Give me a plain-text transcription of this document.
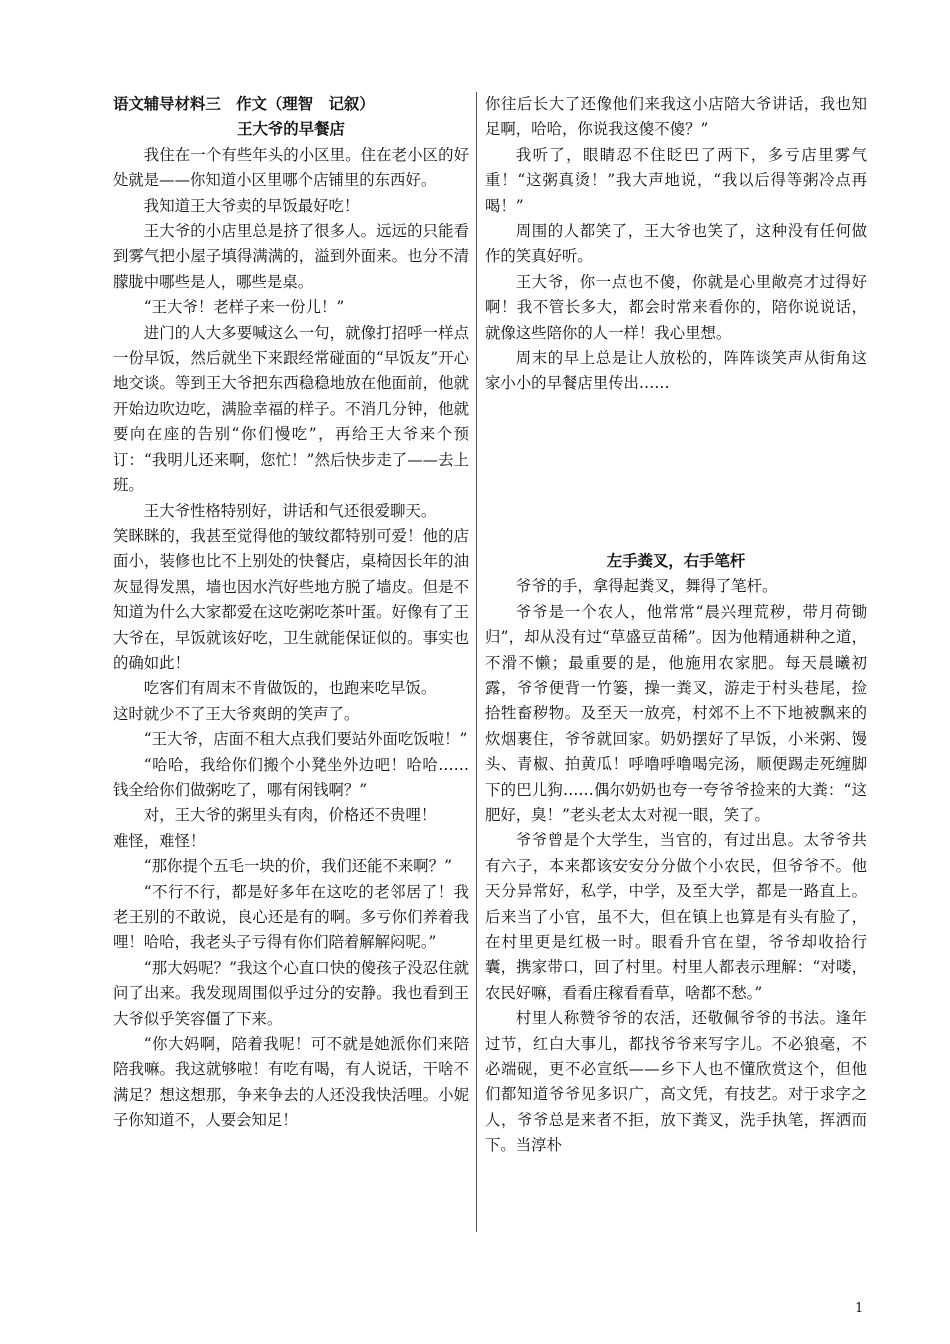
语文辅导材料三　作文（理智　记叙）
王大爷的早餐店

我住在一个有些年头的小区里。住在老小区的好处就是——你知道小区里哪个店铺里的东西好。

我知道王大爷卖的早饭最好吃！

王大爷的小店里总是挤了很多人。远远的只能看到雾气把小屋子填得满满的，溢到外面来。也分不清朦胧中哪些是人，哪些是桌。

“王大爷！老样子来一份儿！”

进门的人大多要喊这么一句，就像打招呼一样点一份早饭，然后就坐下来跟经常碰面的“早饭友”开心地交谈。等到王大爷把东西稳稳地放在他面前，他就开始边吹边吃，满脸幸福的样子。不消几分钟，他就要向在座的告别“你们慢吃”，再给王大爷来个预订：“我明儿还来啊，您忙！”然后快步走了——去上班。

王大爷性格特别好，讲话和气还很爱聊天。

笑眯眯的，我甚至觉得他的皱纹都特别可爱！他的店面小，装修也比不上别处的快餐店，桌椅因长年的油灰显得发黑，墙也因水汽好些地方脱了墙皮。但是不知道为什么大家都爱在这吃粥吃茶叶蛋。好像有了王大爷在，早饭就该好吃，卫生就能保证似的。事实也的确如此！

吃客们有周末不肯做饭的，也跑来吃早饭。

这时就少不了王大爷爽朗的笑声了。

“王大爷，店面不租大点我们要站外面吃饭啦！”

“哈哈，我给你们搬个小凳坐外边吧！哈哈……钱全给你们做粥吃了，哪有闲钱啊？”

对，王大爷的粥里头有肉，价格还不贵哩！

难怪，难怪！

“那你提个五毛一块的价，我们还能不来啊？”

“不行不行，都是好多年在这吃的老邻居了！我老王别的不敢说，良心还是有的啊。多亏你们养着我哩！哈哈，我老头子亏得有你们陪着解解闷呢。”

“那大妈呢？”我这个心直口快的傻孩子没忍住就问了出来。我发现周围似乎过分的安静。我也看到王大爷似乎笑容僵了下来。

“你大妈啊，陪着我呢！可不就是她派你们来陪陪我嘛。我这就够啦！有吃有喝，有人说话，干啥不满足？想这想那，争来争去的人还没我快活哩。小妮子你知道不，人要会知足！

你往后长大了还像他们来我这小店陪大爷讲话，我也知足啊，哈哈，你说我这傻不傻？”

我听了，眼睛忍不住眨巴了两下，多亏店里雾气重！“这粥真烫！”我大声地说，“我以后得等粥冷点再喝！”

周围的人都笑了，王大爷也笑了，这种没有任何做作的笑真好听。

王大爷，你一点也不傻，你就是心里敞亮才过得好啊！我不管长多大，都会时常来看你的，陪你说说话，就像这些陪你的人一样！我心里想。

周末的早上总是让人放松的，阵阵谈笑声从街角这家小小的早餐店里传出……

左手粪叉，右手笔杆

爷爷的手，拿得起粪叉，舞得了笔杆。

爷爷是一个农人，他常常“晨兴理荒秽，带月荷锄归”，却从没有过“草盛豆苗稀”。因为他精通耕种之道，不滑不懒；最重要的是，他施用农家肥。每天晨曦初露，爷爷便背一竹篓，操一粪叉，游走于村头巷尾，捡拾牲畜秽物。及至天一放亮，村郊不上不下地被飘来的炊烟裹住，爷爷就回家。奶奶摆好了早饭，小米粥、馒头、青椒、拍黄瓜！呼噜呼噜喝完汤，顺便踢走死缠脚下的巴儿狗……偶尔奶奶也夸一夸爷爷捡来的大粪：“这肥好，臭！”老头老太太对视一眼，笑了。

爷爷曾是个大学生，当官的，有过出息。太爷爷共有六子，本来都该安安分分做个小农民，但爷爷不。他天分异常好，私学，中学，及至大学，都是一路直上。后来当了小官，虽不大，但在镇上也算是有头有脸了，在村里更是红极一时。眼看升官在望，爷爷却收拾行囊，携家带口，回了村里。村里人都表示理解：“对喽，农民好嘛，看看庄稼看看草，啥都不愁。”

村里人称赞爷爷的农活，还敬佩爷爷的书法。逢年过节，红白大事儿，都找爷爷来写字儿。不必狼毫，不必端砚，更不必宣纸——乡下人也不懂欣赏这个，但他们都知道爷爷见多识广，高文凭，有技艺。对于求字之人，爷爷总是来者不拒，放下粪叉，洗手执笔，挥洒而下。当淳朴

1
